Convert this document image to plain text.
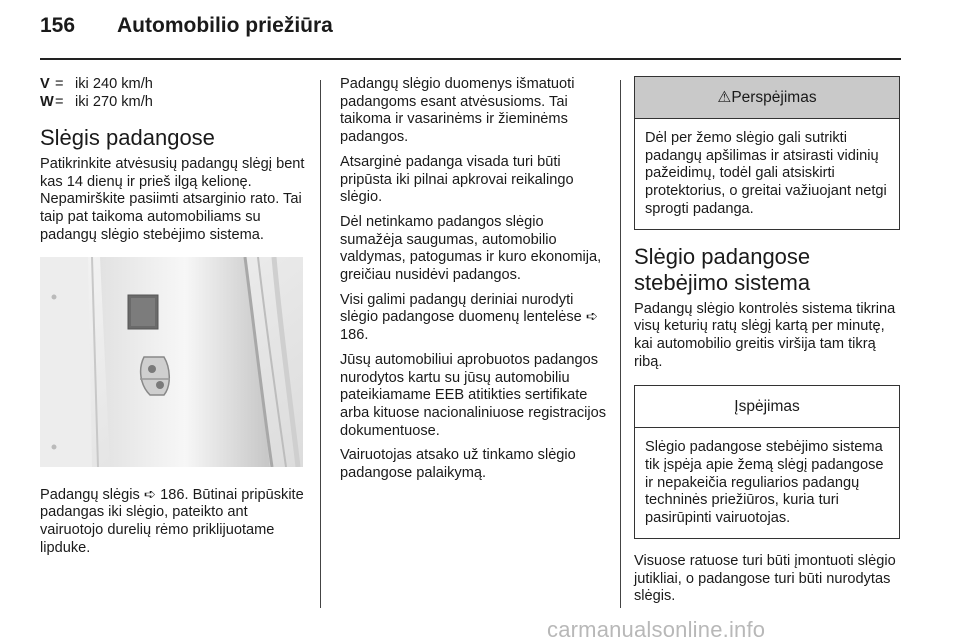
156 Automobilio priežiūra
V = iki 240 km/h
W = iki 270 km/h
Slėgis padangose

Patikrinkite atvėsusių padangų slėgį bent kas 14 dienų ir prieš ilgą kelionę. Nepamirškite pasiimti atsarginio rato. Tai taip pat taikoma automobiliams su padangų slėgio stebėjimo sistema.

Padangų slėgis ➪ 186. Būtinai pripūskite padangas iki slėgio, pateikto ant vairuotojo durelių rėmo priklijuotame lipduke.

Padangų slėgio duomenys išmatuoti padangoms esant atvėsusioms. Tai taikoma ir vasarinėms ir žieminėms padangos.

Atsarginė padanga visada turi būti pripūsta iki pilnai apkrovai reikalingo slėgio.

Dėl netinkamo padangos slėgio sumažėja saugumas, automobilio valdymas, patogumas ir kuro ekonomija, greičiau nusidėvi padangos.

Visi galimi padangų deriniai nurodyti slėgio padangose duomenų lentelėse ➪ 186.

Jūsų automobiliui aprobuotos padangos nurodytos kartu su jūsų automobiliu pateikiamame EEB atitikties sertifikate arba kituose nacionaliniuose registracijos dokumentuose.

Vairuotojas atsako už tinkamo slėgio padangose palaikymą.

⚠ Perspėjimas
Dėl per žemo slėgio gali sutrikti padangų apšilimas ir atsirasti vidinių pažeidimų, todėl gali atsiskirti protektorius, o greitai važiuojant netgi sprogti padanga.
Slėgio padangose stebėjimo sistema

Padangų slėgio kontrolės sistema tikrina visų keturių ratų slėgį kartą per minutę, kai automobilio greitis viršija tam tikrą ribą.

Įspėjimas
Slėgio padangose stebėjimo sistema tik įspėja apie žemą slėgį padangose ir nepakeičia reguliarios padangų techninės priežiūros, kuria turi pasirūpinti vairuotojas.

Visuose ratuose turi būti įmontuoti slėgio jutikliai, o padangose turi būti nurodytas slėgis.

carmanualsonline.info
